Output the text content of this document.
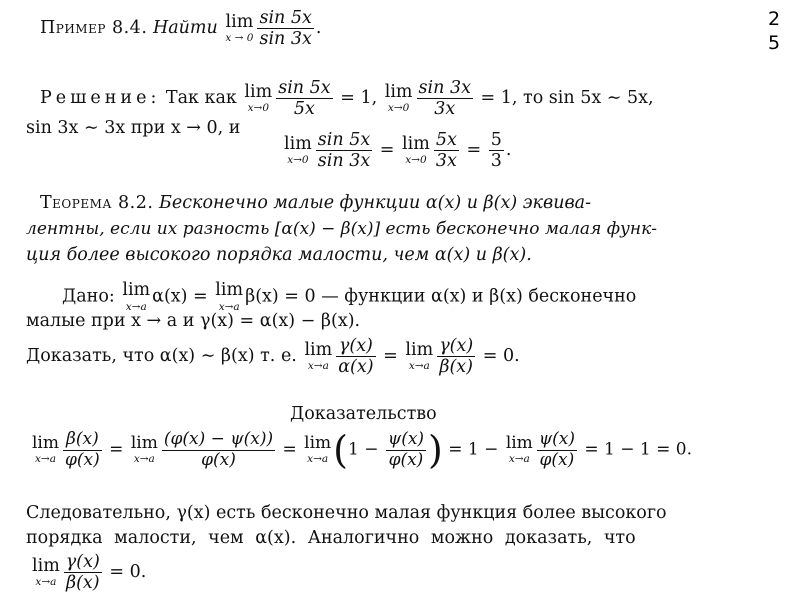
2
5
Пример 8.4. Найти lim
$x \to 0 \frac{\sin 5x}{\sin 3x}$ .
Решение: Так как lim
$x\to 0 \frac{\sin 5x}{5x} = 1$, lim
$x\to 0 \frac{\sin 3x}{3x} = 1$, то sin 5x ∼ 5x,
sin 3x ∼ 3x при x → 0, и
lim
$x\to 0 \frac{\sin 5x}{\sin 3x} = \lim$
$x\to 0 \frac{5x}{3x} = \frac{5}{3}$ .
Теорема 8.2. Бесконечно малые функции α(x) и β(x) эквива-
лентны, если их разность [α(x) − β(x)] есть бесконечно малая функ-
ция более высокого порядка малости, чем α(x) и β(x).
Дано: lim
x→a α(x) = lim
x→a β(x) = 0 — функции α(x) и β(x) бесконечно
малые при x → a и γ(x) = α(x) − β(x).
Доказать, что α(x) ∼ β(x) т. е. lim
$x\to a \frac{\gamma(x)}{\alpha(x)} = \lim$
$x\to a \frac{\gamma(x)}{\beta(x)} = 0$.
Доказательство
lim
$x\to a \frac{\beta(x)}{\varphi(x)} = \lim$
$x\to a \frac{(\varphi(x) - \psi(x))}{\varphi(x)} = \lim$
x→a ($1 - \frac{\psi(x)}{\varphi(x)}$ ) = 1 − lim
$x\to a \frac{\psi(x)}{\varphi(x)} = 1 - 1 = 0$.
Следовательно, γ(x) есть бесконечно малая функция более высокого
порядка малости, чем α(x). Аналогично можно доказать, что
lim
$x\to a \frac{\gamma(x)}{\beta(x)} = 0$.
